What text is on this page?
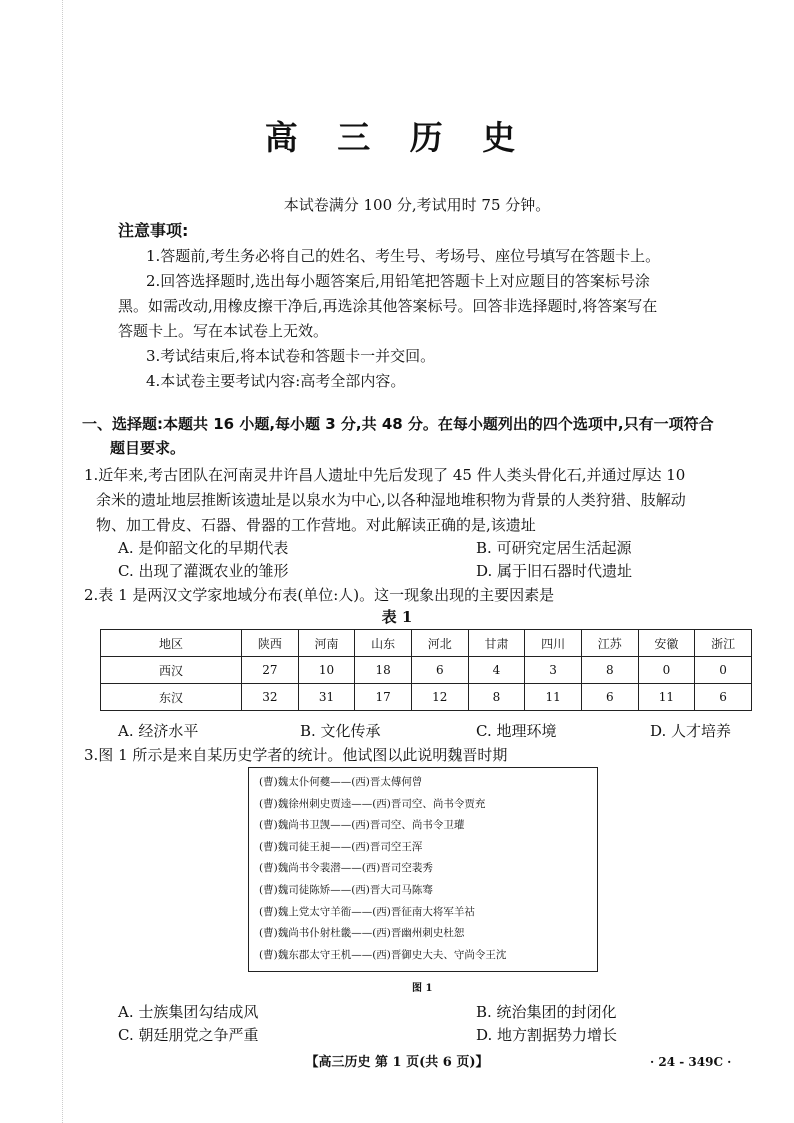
高 三 历 史
本试卷满分 100 分,考试用时 75 分钟。
注意事项:
1.答题前,考生务必将自己的姓名、考生号、考场号、座位号填写在答题卡上。
2.回答选择题时,选出每小题答案后,用铅笔把答题卡上对应题目的答案标号涂
黑。如需改动,用橡皮擦干净后,再选涂其他答案标号。回答非选择题时,将答案写在
答题卡上。写在本试卷上无效。
3.考试结束后,将本试卷和答题卡一并交回。
4.本试卷主要考试内容:高考全部内容。
一、选择题:本题共 16 小题,每小题 3 分,共 48 分。在每小题列出的四个选项中,只有一项符合
题目要求。
1.近年来,考古团队在河南灵井许昌人遗址中先后发现了 45 件人类头骨化石,并通过厚达 10
余米的遗址地层推断该遗址是以泉水为中心,以各种湿地堆积物为背景的人类狩猎、肢解动
物、加工骨皮、石器、骨器的工作营地。对此解读正确的是,该遗址
A. 是仰韶文化的早期代表	B. 可研究定居生活起源
C. 出现了灌溉农业的雏形	D. 属于旧石器时代遗址
2.表 1 是两汉文学家地域分布表(单位:人)。这一现象出现的主要因素是
表 1
地区	陕西	河南	山东	河北	甘肃	四川	江苏	安徽	浙江
西汉	27	10	18	6	4	3	8	0	0
东汉	32	31	17	12	8	11	6	11	6
A. 经济水平	B. 文化传承	C. 地理环境	D. 人才培养
3.图 1 所示是来自某历史学者的统计。他试图以此说明魏晋时期
(曹)魏太仆何夔——(西)晋太傅何曾
(曹)魏徐州刺史贾逵——(西)晋司空、尚书令贾充
(曹)魏尚书卫觊——(西)晋司空、尚书令卫瓘
(曹)魏司徒王昶——(西)晋司空王浑
(曹)魏尚书令裴潜——(西)晋司空裴秀
(曹)魏司徒陈矫——(西)晋大司马陈骞
(曹)魏上党太守羊衜——(西)晋征南大将军羊祜
(曹)魏尚书仆射杜畿——(西)晋幽州刺史杜恕
(曹)魏东郡太守王机——(西)晋御史大夫、守尚令王沈
图 1
A. 士族集团勾结成风	B. 统治集团的封闭化
C. 朝廷朋党之争严重	D. 地方割据势力增长
【高三历史 第 1 页(共 6 页)】	· 24 - 349C ·
